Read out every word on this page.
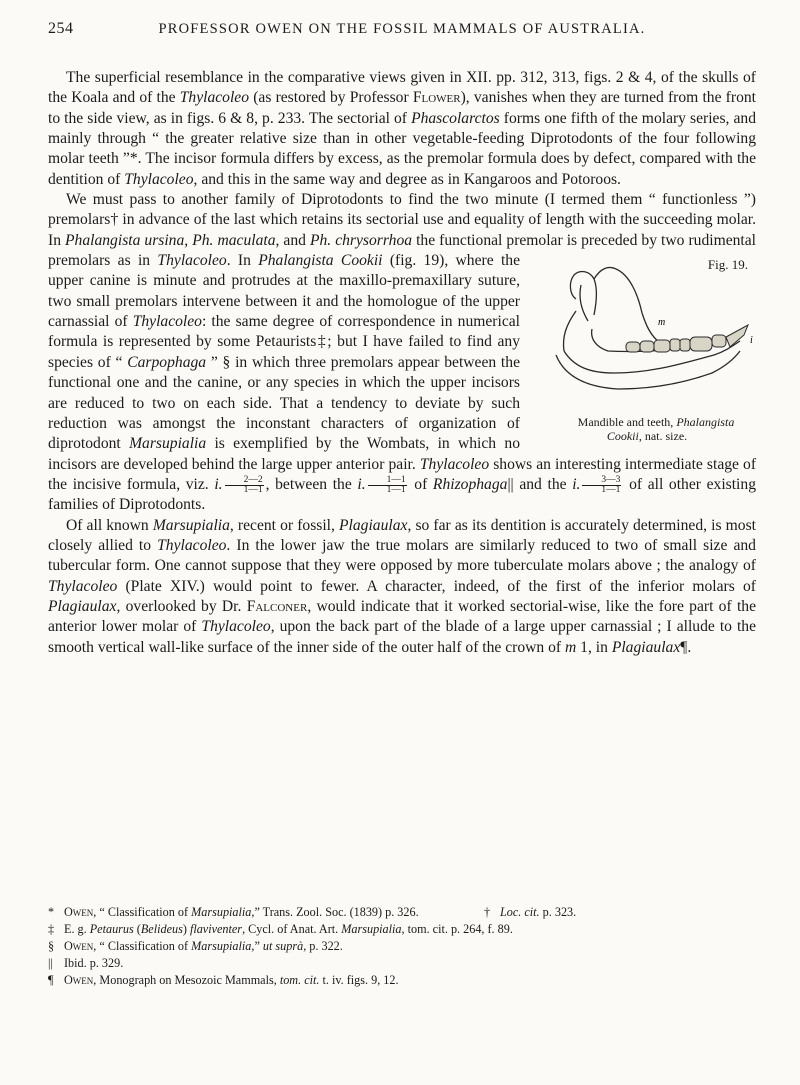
254	PROFESSOR OWEN ON THE FOSSIL MAMMALS OF AUSTRALIA.

The superficial resemblance in the comparative views given in XII. pp. 312, 313, figs. 2 & 4, of the skulls of the Koala and of the Thylacoleo (as restored by Professor Flower), vanishes when they are turned from the front to the side view, as in figs. 6 & 8, p. 233. The sectorial of Phascolarctos forms one fifth of the molary series, and mainly through “ the greater relative size than in other vegetable-feeding Diprotodonts of the four following molar teeth ”*. The incisor formula differs by excess, as the premolar formula does by defect, compared with the dentition of Thylacoleo, and this in the same way and degree as in Kangaroos and Potoroos.

We must pass to another family of Diprotodonts to find the two minute (I termed them “ functionless ”) premolars† in advance of the last which retains its sectorial use and equality of length with the succeeding molar. In Phalangista ursina, Ph. maculata, and Ph. chrysorrhoa the functional premolar is preceded by two rudimental premolars as in Thylacoleo. In Phalangista Cookii	Fig. 19.
m
i
Mandible and teeth, Phalangista
Cookii, nat. size.
(fig. 19), where the upper canine is minute and protrudes at the maxillo-premaxillary suture, two small premolars intervene between it and the homologue of the upper carnassial of Thylacoleo: the same degree of correspondence in numerical formula is represented by some Petaurists‡; but I have failed to find any species of “ Carpophaga ” § in which three premolars appear between the functional one and the canine, or any species in which the upper incisors are reduced to two on each side. That a tendency to deviate by such reduction was amongst the inconstant characters of organization of diprotodont Marsupialia is exemplified by the Wombats, in which no incisors are developed behind the large upper anterior pair. Thylacoleo shows an interesting intermediate stage of the incisive formula, viz. i. $\frac{2—2}{1—1}$ , between the i. $\frac{1—1}{1—1}$ of Rhizophaga|| and the i. $\frac{3—3}{1—1}$ of all other existing families of Diprotodonts.

Of all known Marsupialia, recent or fossil, Plagiaulax, so far as its dentition is accurately determined, is most closely allied to Thylacoleo. In the lower jaw the true molars are similarly reduced to two of small size and tubercular form. One cannot suppose that they were opposed by more tuberculate molars above ; the analogy of Thylacoleo (Plate XIV.) would point to fewer. A character, indeed, of the first of the inferior molars of Plagiaulax, overlooked by Dr. Falconer, would indicate that it worked sectorial-wise, like the fore part of the anterior lower molar of Thylacoleo, upon the back part of the blade of a large upper carnassial ; I allude to the smooth vertical wall-like surface of the inner side of the outer half of the crown of m 1, in Plagiaulax¶.

* Owen, “ Classification of Marsupialia,” Trans. Zool. Soc. (1839) p. 326.	† Loc. cit. p. 323.
‡ E. g. Petaurus (Belideus) flaviventer, Cycl. of Anat. Art. Marsupialia, tom. cit. p. 264, f. 89.
§ Owen, “ Classification of Marsupialia,” ut suprà, p. 322.
|| Ibid. p. 329.
¶ Owen, Monograph on Mesozoic Mammals, tom. cit. t. iv. figs. 9, 12.
